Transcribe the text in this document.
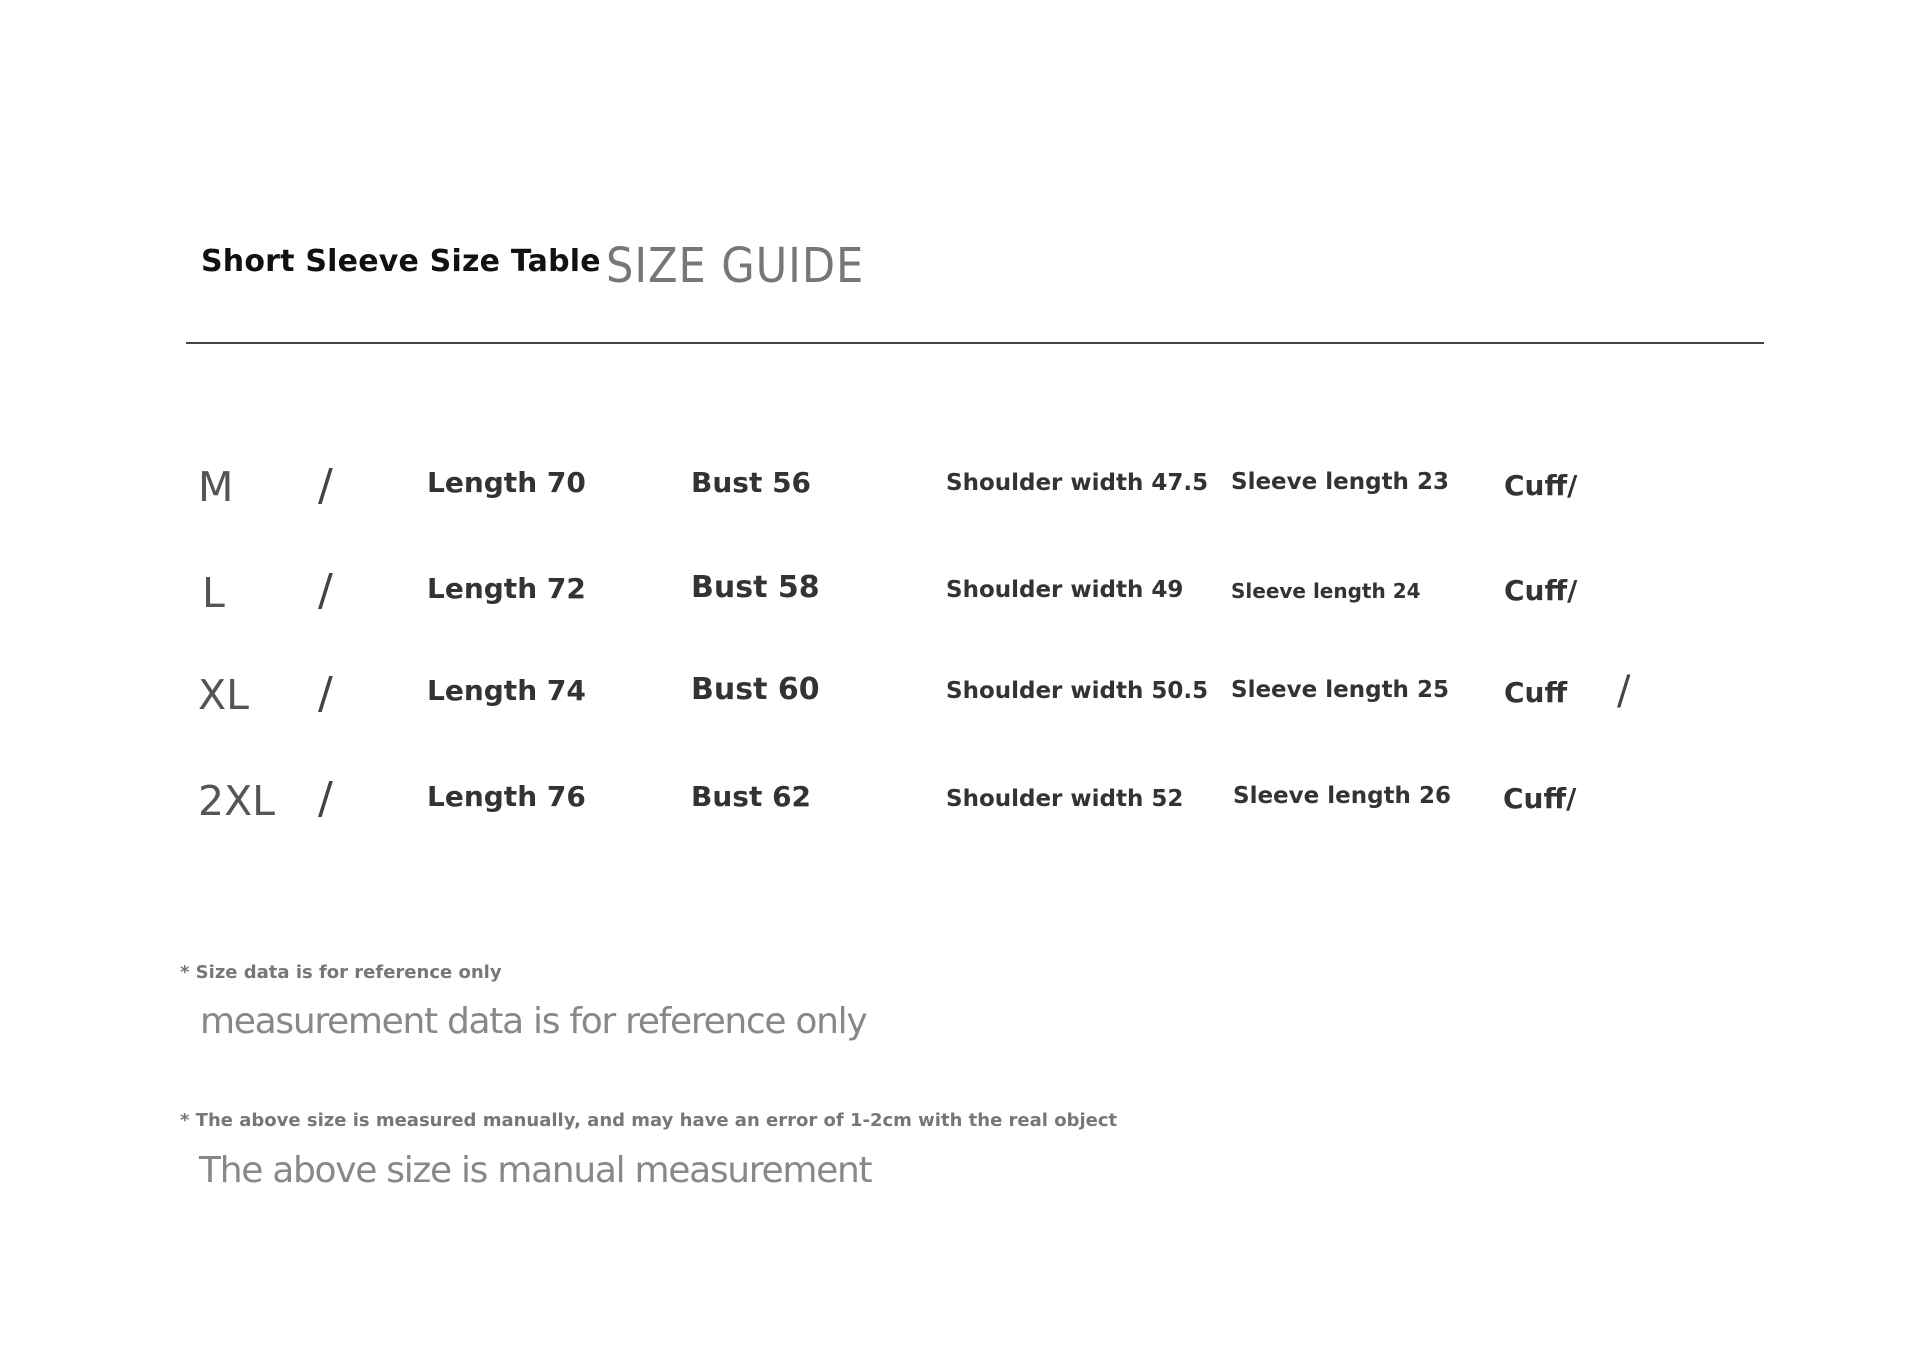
Short Sleeve Size Table SIZE GUIDE
M /	Length 70	Bust 56	Shoulder width 47.5 Sleeve length 23 Cuff/
L /	Length 72	Bust 58	Shoulder width 49 Sleeve length 24	Cuff/
XL /	Length 74	Bust 60	Shoulder width 50.5 Sleeve length 25 Cuff /
2XL /	Length 76	Bust 62	Shoulder width 52 Sleeve length 26 Cuff/
* Size data is for reference only
measurement data is for reference only
* The above size is measured manually, and may have an error of 1-2cm with the real object
The above size is manual measurement
